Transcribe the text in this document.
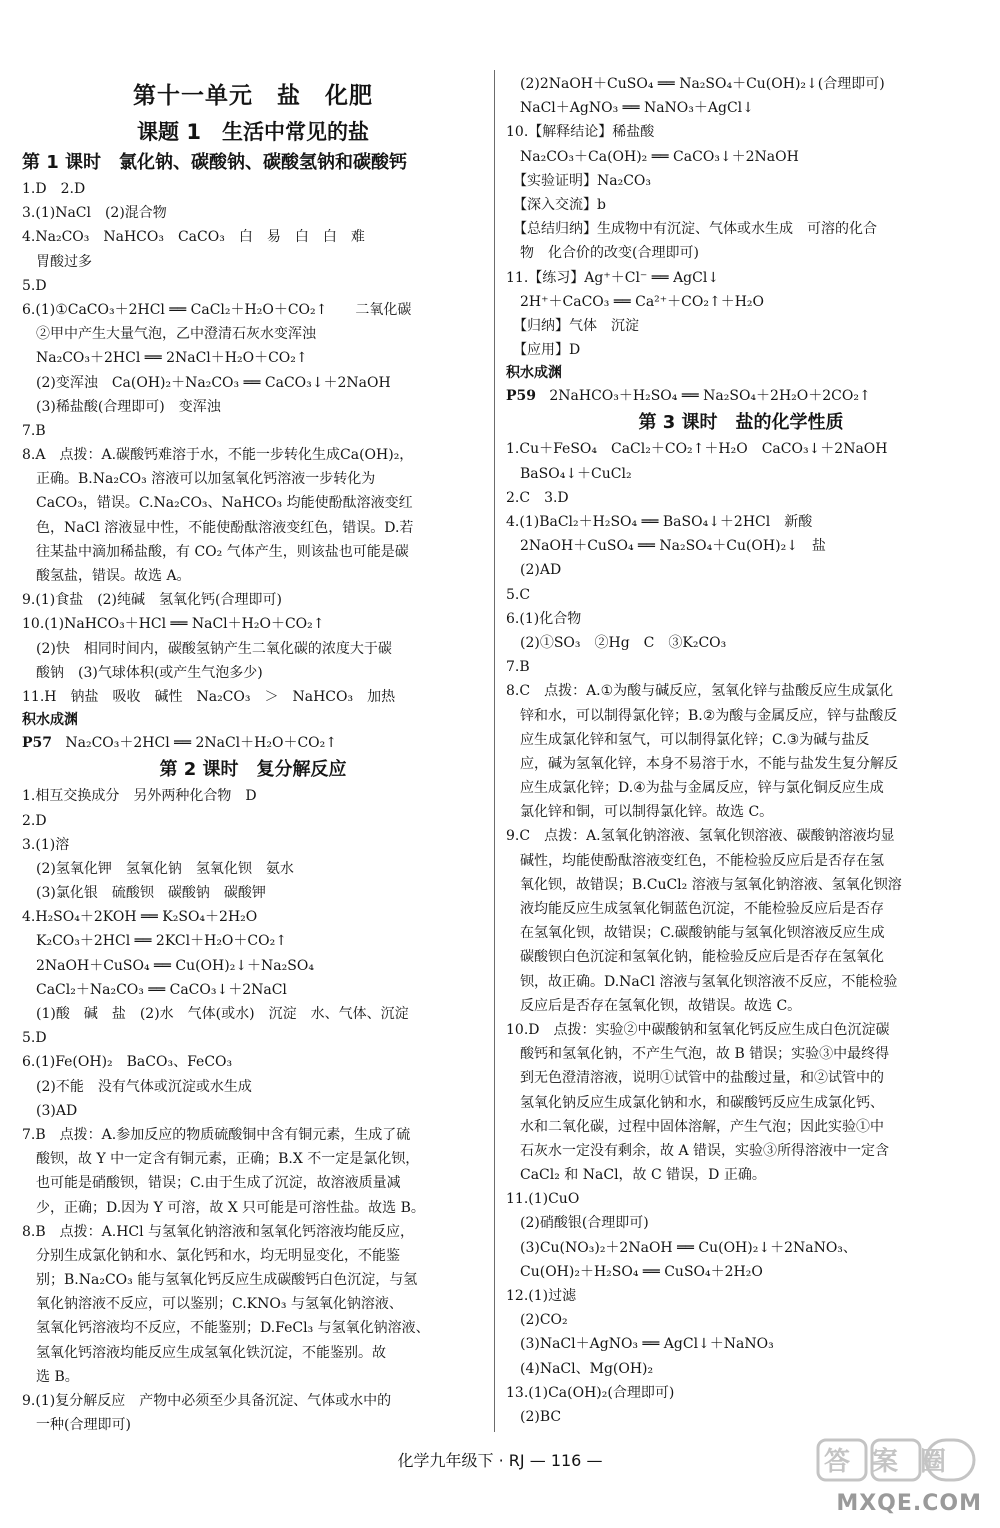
第十一单元　盐　化肥
课题 1　生活中常见的盐
第 1 课时　氯化钠、碳酸钠、碳酸氢钠和碳酸钙
1.D　2.D
3.(1)NaCl　(2)混合物
4.Na₂CO₃　NaHCO₃　CaCO₃　白　易　白　白　难
　胃酸过多
5.D
6.(1)①CaCO₃＋2HCl ══ CaCl₂＋H₂O＋CO₂↑　　二氧化碳
　②甲中产生大量气泡，乙中澄清石灰水变浑浊
　Na₂CO₃＋2HCl ══ 2NaCl＋H₂O＋CO₂↑
　(2)变浑浊　Ca(OH)₂＋Na₂CO₃ ══ CaCO₃↓＋2NaOH
　(3)稀盐酸(合理即可)　变浑浊
7.B
8.A　点拨：A.碳酸钙难溶于水，不能一步转化生成Ca(OH)₂，
　正确。B.Na₂CO₃ 溶液可以加氢氧化钙溶液一步转化为
　CaCO₃，错误。C.Na₂CO₃、NaHCO₃ 均能使酚酞溶液变红
　色，NaCl 溶液显中性，不能使酚酞溶液变红色，错误。D.若
　往某盐中滴加稀盐酸，有 CO₂ 气体产生，则该盐也可能是碳
　酸氢盐，错误。故选 A。
9.(1)食盐　(2)纯碱　氢氧化钙(合理即可)
10.(1)NaHCO₃＋HCl ══ NaCl＋H₂O＋CO₂↑
　(2)快　相同时间内，碳酸氢钠产生二氧化碳的浓度大于碳
　酸钠　(3)气球体积(或产生气泡多少)
11.H　钠盐　吸收　碱性　Na₂CO₃　＞　NaHCO₃　加热
积水成渊
P57 Na₂CO₃＋2HCl ══ 2NaCl＋H₂O＋CO₂↑
第 2 课时　复分解反应
1.相互交换成分　另外两种化合物　D
2.D
3.(1)溶
　(2)氢氧化钾　氢氧化钠　氢氧化钡　氨水
　(3)氯化银　硫酸钡　碳酸钠　碳酸钾
4.H₂SO₄＋2KOH ══ K₂SO₄＋2H₂O
　K₂CO₃＋2HCl ══ 2KCl＋H₂O＋CO₂↑
　2NaOH＋CuSO₄ ══ Cu(OH)₂↓＋Na₂SO₄
　CaCl₂＋Na₂CO₃ ══ CaCO₃↓＋2NaCl
　(1)酸　碱　盐　(2)水　气体(或水)　沉淀　水、气体、沉淀
5.D
6.(1)Fe(OH)₂　BaCO₃、FeCO₃
　(2)不能　没有气体或沉淀或水生成
　(3)AD
7.B　点拨：A.参加反应的物质硫酸铜中含有铜元素，生成了硫
　酸钡，故 Y 中一定含有铜元素，正确；B.X 不一定是氯化钡，
　也可能是硝酸钡，错误；C.由于生成了沉淀，故溶液质量减
　少，正确；D.因为 Y 可溶，故 X 只可能是可溶性盐。故选 B。
8.B　点拨：A.HCl 与氢氧化钠溶液和氢氧化钙溶液均能反应，
　分别生成氯化钠和水、氯化钙和水，均无明显变化，不能鉴
　别；B.Na₂CO₃ 能与氢氧化钙反应生成碳酸钙白色沉淀，与氢
　氧化钠溶液不反应，可以鉴别；C.KNO₃ 与氢氧化钠溶液、
　氢氧化钙溶液均不反应，不能鉴别；D.FeCl₃ 与氢氧化钠溶液、
　氢氧化钙溶液均能反应生成氢氧化铁沉淀，不能鉴别。故
　选 B。
9.(1)复分解反应　产物中必须至少具备沉淀、气体或水中的
　一种(合理即可)
　(2)2NaOH＋CuSO₄ ══ Na₂SO₄＋Cu(OH)₂↓(合理即可)
　NaCl＋AgNO₃ ══ NaNO₃＋AgCl↓
10.【解释结论】稀盐酸
　Na₂CO₃＋Ca(OH)₂ ══ CaCO₃↓＋2NaOH
　【实验证明】Na₂CO₃
　【深入交流】b
　【总结归纳】生成物中有沉淀、气体或水生成　可溶的化合
　物　化合价的改变(合理即可)
11.【练习】Ag⁺＋Cl⁻ ══ AgCl↓
　2H⁺＋CaCO₃ ══ Ca²⁺＋CO₂↑＋H₂O
　【归纳】气体　沉淀
　【应用】D
积水成渊
P59 2NaHCO₃＋H₂SO₄ ══ Na₂SO₄＋2H₂O＋2CO₂↑
第 3 课时　盐的化学性质
1.Cu＋FeSO₄　CaCl₂＋CO₂↑＋H₂O　CaCO₃↓＋2NaOH
　BaSO₄↓＋CuCl₂
2.C　3.D
4.(1)BaCl₂＋H₂SO₄ ══ BaSO₄↓＋2HCl　新酸
　2NaOH＋CuSO₄ ══ Na₂SO₄＋Cu(OH)₂↓　盐
　(2)AD
5.C
6.(1)化合物
　(2)①SO₃　②Hg　C　③K₂CO₃
7.B
8.C　点拨：A.①为酸与碱反应，氢氧化锌与盐酸反应生成氯化
　锌和水，可以制得氯化锌；B.②为酸与金属反应，锌与盐酸反
　应生成氯化锌和氢气，可以制得氯化锌；C.③为碱与盐反
　应，碱为氢氧化锌，本身不易溶于水，不能与盐发生复分解反
　应生成氯化锌；D.④为盐与金属反应，锌与氯化铜反应生成
　氯化锌和铜，可以制得氯化锌。故选 C。
9.C　点拨：A.氢氧化钠溶液、氢氧化钡溶液、碳酸钠溶液均显
　碱性，均能使酚酞溶液变红色，不能检验反应后是否存在氢
　氧化钡，故错误；B.CuCl₂ 溶液与氢氧化钠溶液、氢氧化钡溶
　液均能反应生成氢氧化铜蓝色沉淀，不能检验反应后是否存
　在氢氧化钡，故错误；C.碳酸钠能与氢氧化钡溶液反应生成
　碳酸钡白色沉淀和氢氧化钠，能检验反应后是否存在氢氧化
　钡，故正确。D.NaCl 溶液与氢氧化钡溶液不反应，不能检验
　反应后是否存在氢氧化钡，故错误。故选 C。
10.D　点拨：实验②中碳酸钠和氢氧化钙反应生成白色沉淀碳
　酸钙和氢氧化钠，不产生气泡，故 B 错误；实验③中最终得
　到无色澄清溶液，说明①试管中的盐酸过量，和②试管中的
　氢氧化钠反应生成氯化钠和水，和碳酸钙反应生成氯化钙、
　水和二氧化碳，过程中固体溶解，产生气泡；因此实验①中
　石灰水一定没有剩余，故 A 错误，实验③所得溶液中一定含
　CaCl₂ 和 NaCl，故 C 错误，D 正确。
11.(1)CuO
　(2)硝酸银(合理即可)
　(3)Cu(NO₃)₂＋2NaOH ══ Cu(OH)₂↓＋2NaNO₃、
　Cu(OH)₂＋H₂SO₄ ══ CuSO₄＋2H₂O
12.(1)过滤
　(2)CO₂
　(3)NaCl＋AgNO₃ ══ AgCl↓＋NaNO₃
　(4)NaCl、Mg(OH)₂
13.(1)Ca(OH)₂(合理即可)
　(2)BC
化学九年级下 · RJ — 116 —	答案圈
MXQE.COM
